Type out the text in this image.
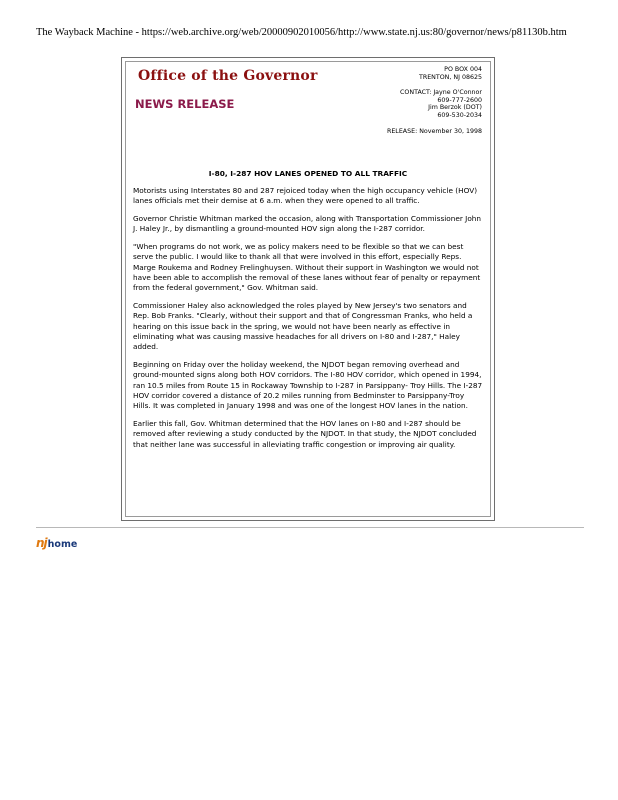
The Wayback Machine - https://web.archive.org/web/20000902010056/http://www.state.nj.us:80/governor/news/p81130b.htm
Office of the Governor
NEWS RELEASE
PO BOX 004
TRENTON, NJ 08625
CONTACT: Jayne O'Connor
609-777-2600
Jim Berzok (DOT)
609-530-2034
RELEASE: November 30, 1998
I-80, I-287 HOV LANES OPENED TO ALL TRAFFIC

Motorists using Interstates 80 and 287 rejoiced today when the high occupancy vehicle (HOV) lanes officials met their demise at 6 a.m. when they were opened to all traffic.

Governor Christie Whitman marked the occasion, along with Transportation Commissioner John J. Haley Jr., by dismantling a ground-mounted HOV sign along the I-287 corridor.

"When programs do not work, we as policy makers need to be flexible so that we can best serve the public. I would like to thank all that were involved in this effort, especially Reps. Marge Roukema and Rodney Frelinghuysen. Without their support in Washington we would not have been able to accomplish the removal of these lanes without fear of penalty or repayment from the federal government," Gov. Whitman said.

Commissioner Haley also acknowledged the roles played by New Jersey's two senators and Rep. Bob Franks. "Clearly, without their support and that of Congressman Franks, who held a hearing on this issue back in the spring, we would not have been nearly as effective in eliminating what was causing massive headaches for all drivers on I-80 and I-287," Haley added.

Beginning on Friday over the holiday weekend, the NJDOT began removing overhead and ground-mounted signs along both HOV corridors. The I-80 HOV corridor, which opened in 1994, ran 10.5 miles from Route 15 in Rockaway Township to I-287 in Parsippany- Troy Hills. The I-287 HOV corridor covered a distance of 20.2 miles running from Bedminster to Parsippany-Troy Hills. It was completed in January 1998 and was one of the longest HOV lanes in the nation.

Earlier this fall, Gov. Whitman determined that the HOV lanes on I-80 and I-287 should be removed after reviewing a study conducted by the NJDOT. In that study, the NJDOT concluded that neither lane was successful in alleviating traffic congestion or improving air quality.

nj home
